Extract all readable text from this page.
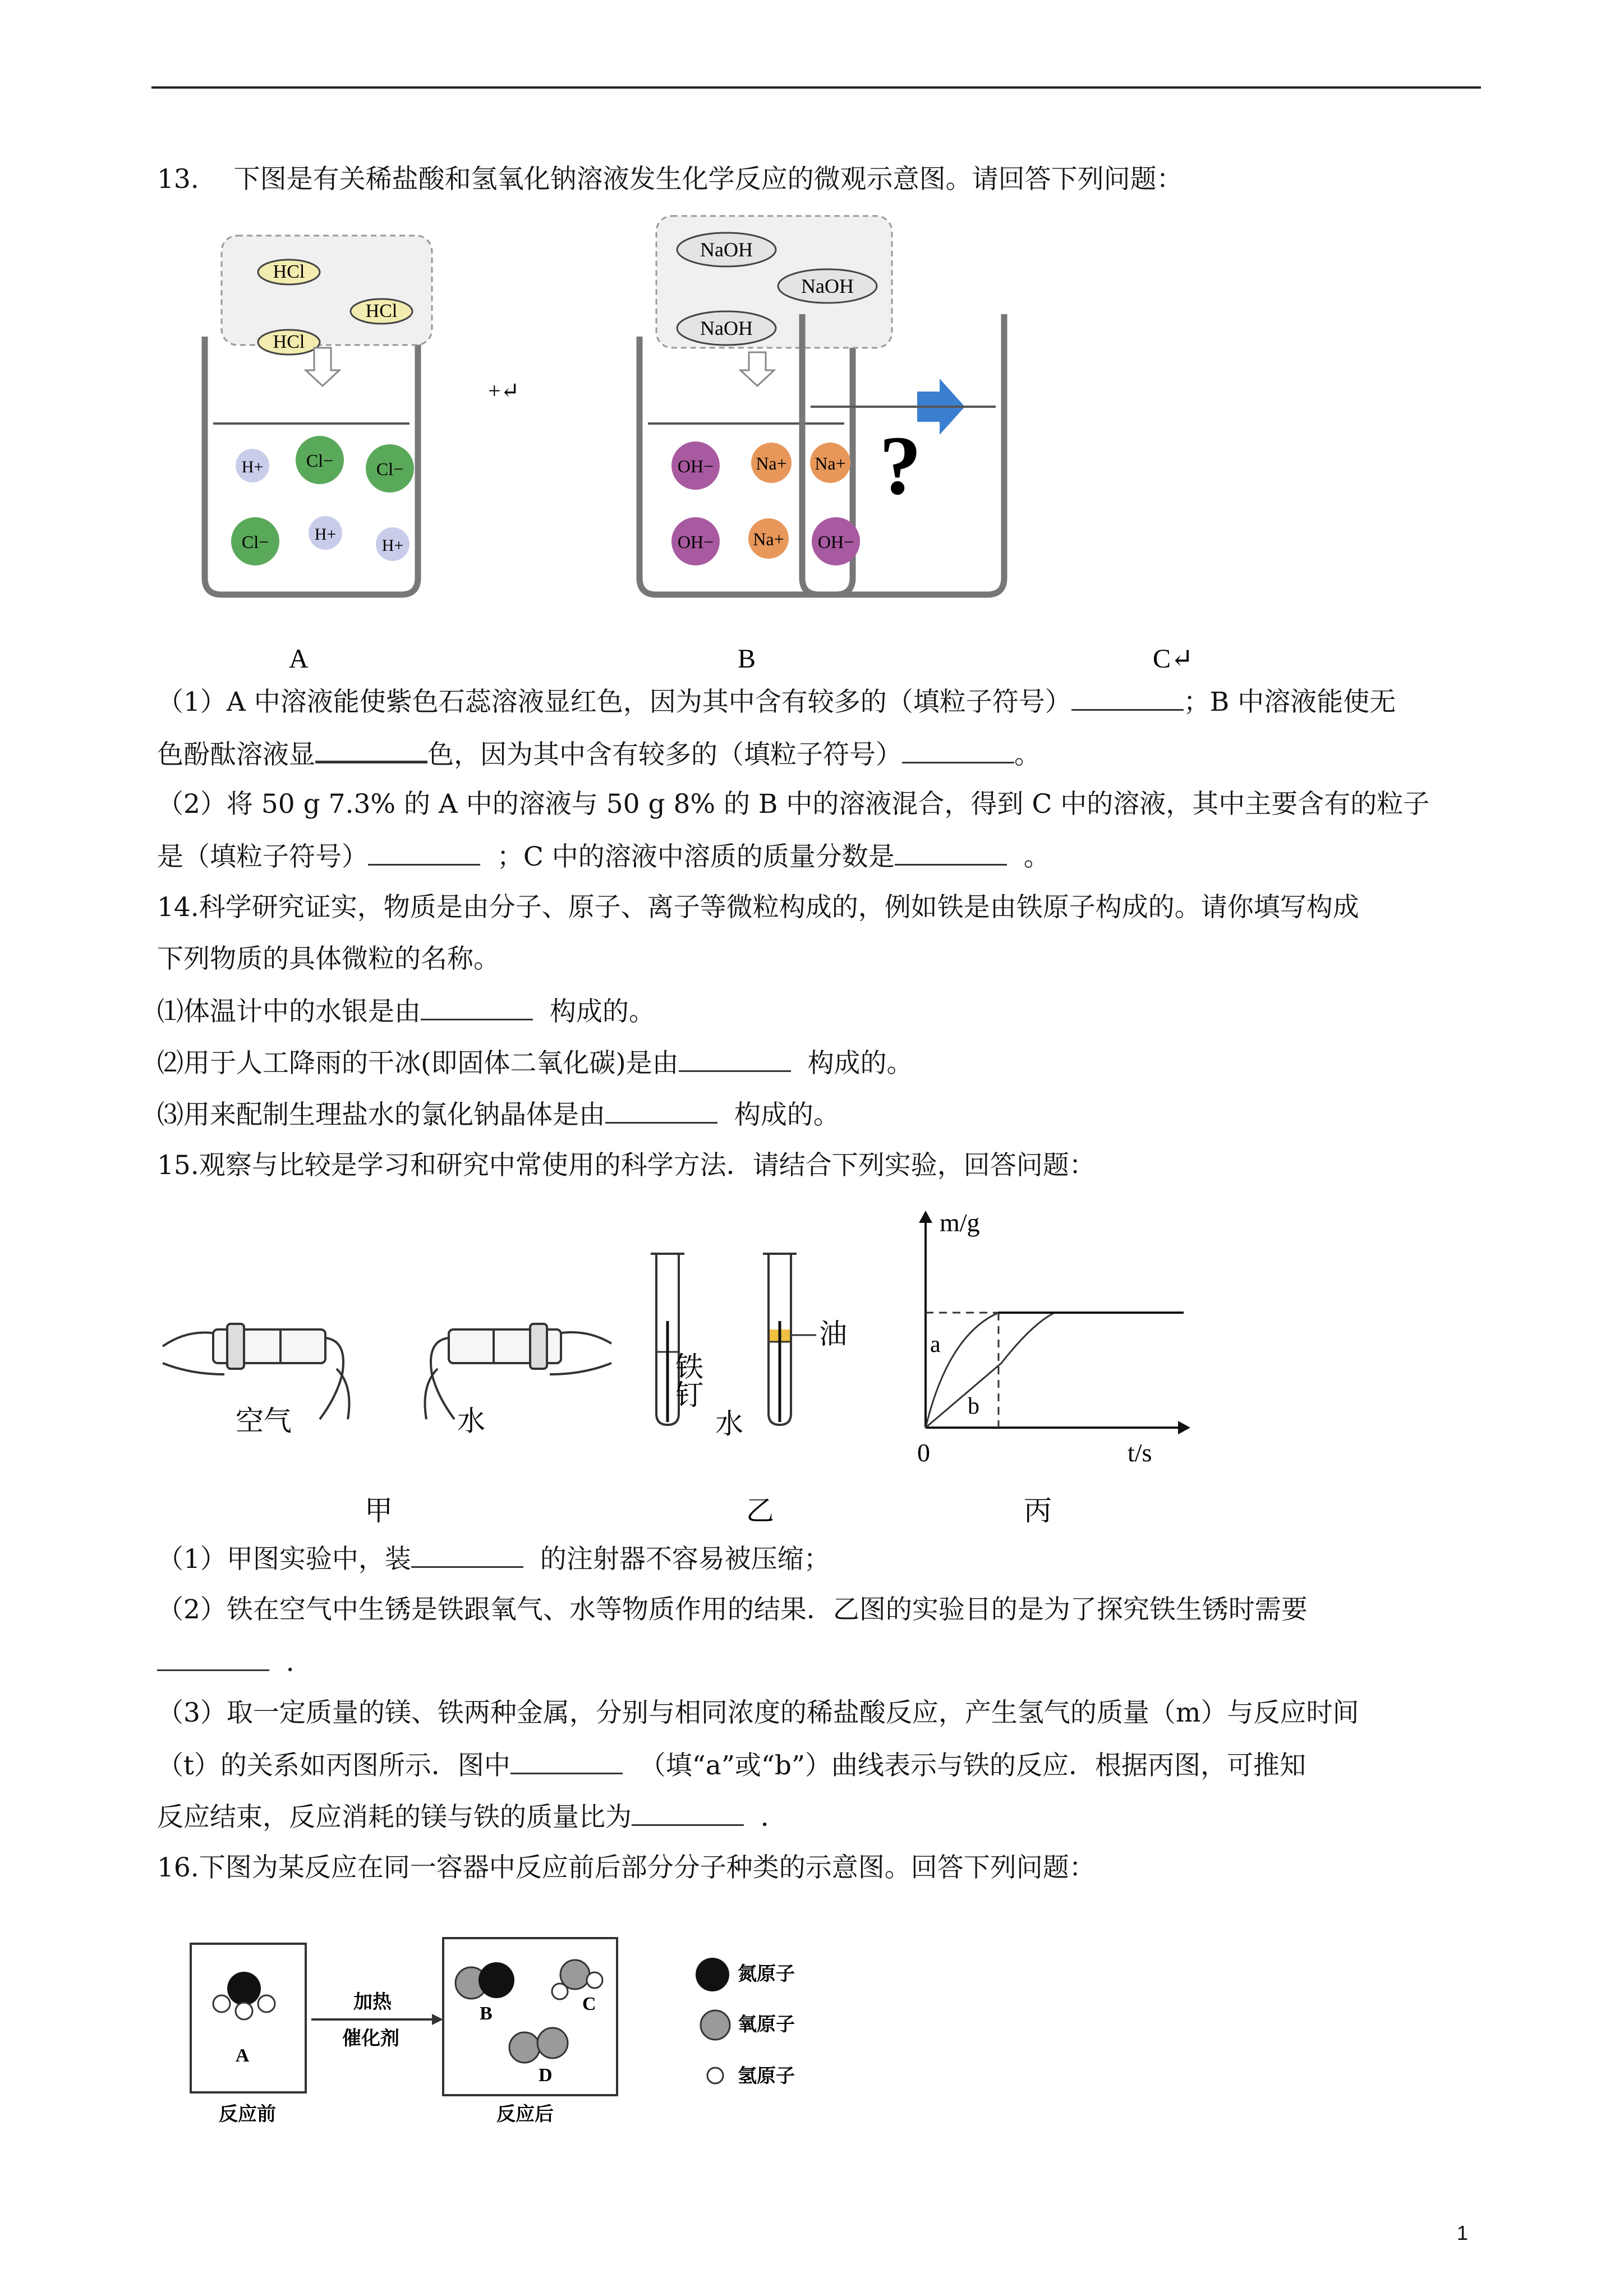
13.　 下图是有关稀盐酸和氢氧化钠溶液发生化学反应的微观示意图。请回答下列问题：
HCl
HCl
HCl
H+ Cl− Cl−
Cl−	H+
H+
+↵
NaOH
NaOH
NaOH
OH− Na+ Na+
OH− Na+ OH−
?
A	B	C↵
（1）A 中溶液能使紫色石蕊溶液显红色，因为其中含有较多的（填粒子符号）	；B 中溶液能使无
色酚酞溶液显	色，因为其中含有较多的（填粒子符号）	。
（2）将 50 g 7.3% 的 A 中的溶液与 50 g 8% 的 B 中的溶液混合，得到 C 中的溶液，其中主要含有的粒子
是（填粒子符号）	；C 中的溶液中溶质的质量分数是	。
14.科学研究证实，物质是由分子、原子、离子等微粒构成的，例如铁是由铁原子构成的。请你填写构成
下列物质的具体微粒的名称。
⑴体温计中的水银是由	构成的。
⑵用于人工降雨的干冰(即固体二氧化碳)是由	构成的。
⑶用来配制生理盐水的氯化钠晶体是由	构成的。
15.观察与比较是学习和研究中常使用的科学方法．请结合下列实验，回答问题：
空气	水
甲
铁钉
油
水
乙
m/g
t/s
0
a
b
丙
（1）甲图实验中，装	的注射器不容易被压缩；
（2）铁在空气中生锈是铁跟氧气、水等物质作用的结果．乙图的实验目的是为了探究铁生锈时需要
．
（3）取一定质量的镁、铁两种金属，分别与相同浓度的稀盐酸反应，产生氢气的质量（m）与反应时间
（t）的关系如丙图所示．图中	（填“a”或“b”）曲线表示与铁的反应．根据丙图，可推知
反应结束，反应消耗的镁与铁的质量比为	．
16.下图为某反应在同一容器中反应前后部分分子种类的示意图。回答下列问题：
A
反应前
加热
催化剂
B	C
D
反应后
氮原子
氧原子
氢原子
1
